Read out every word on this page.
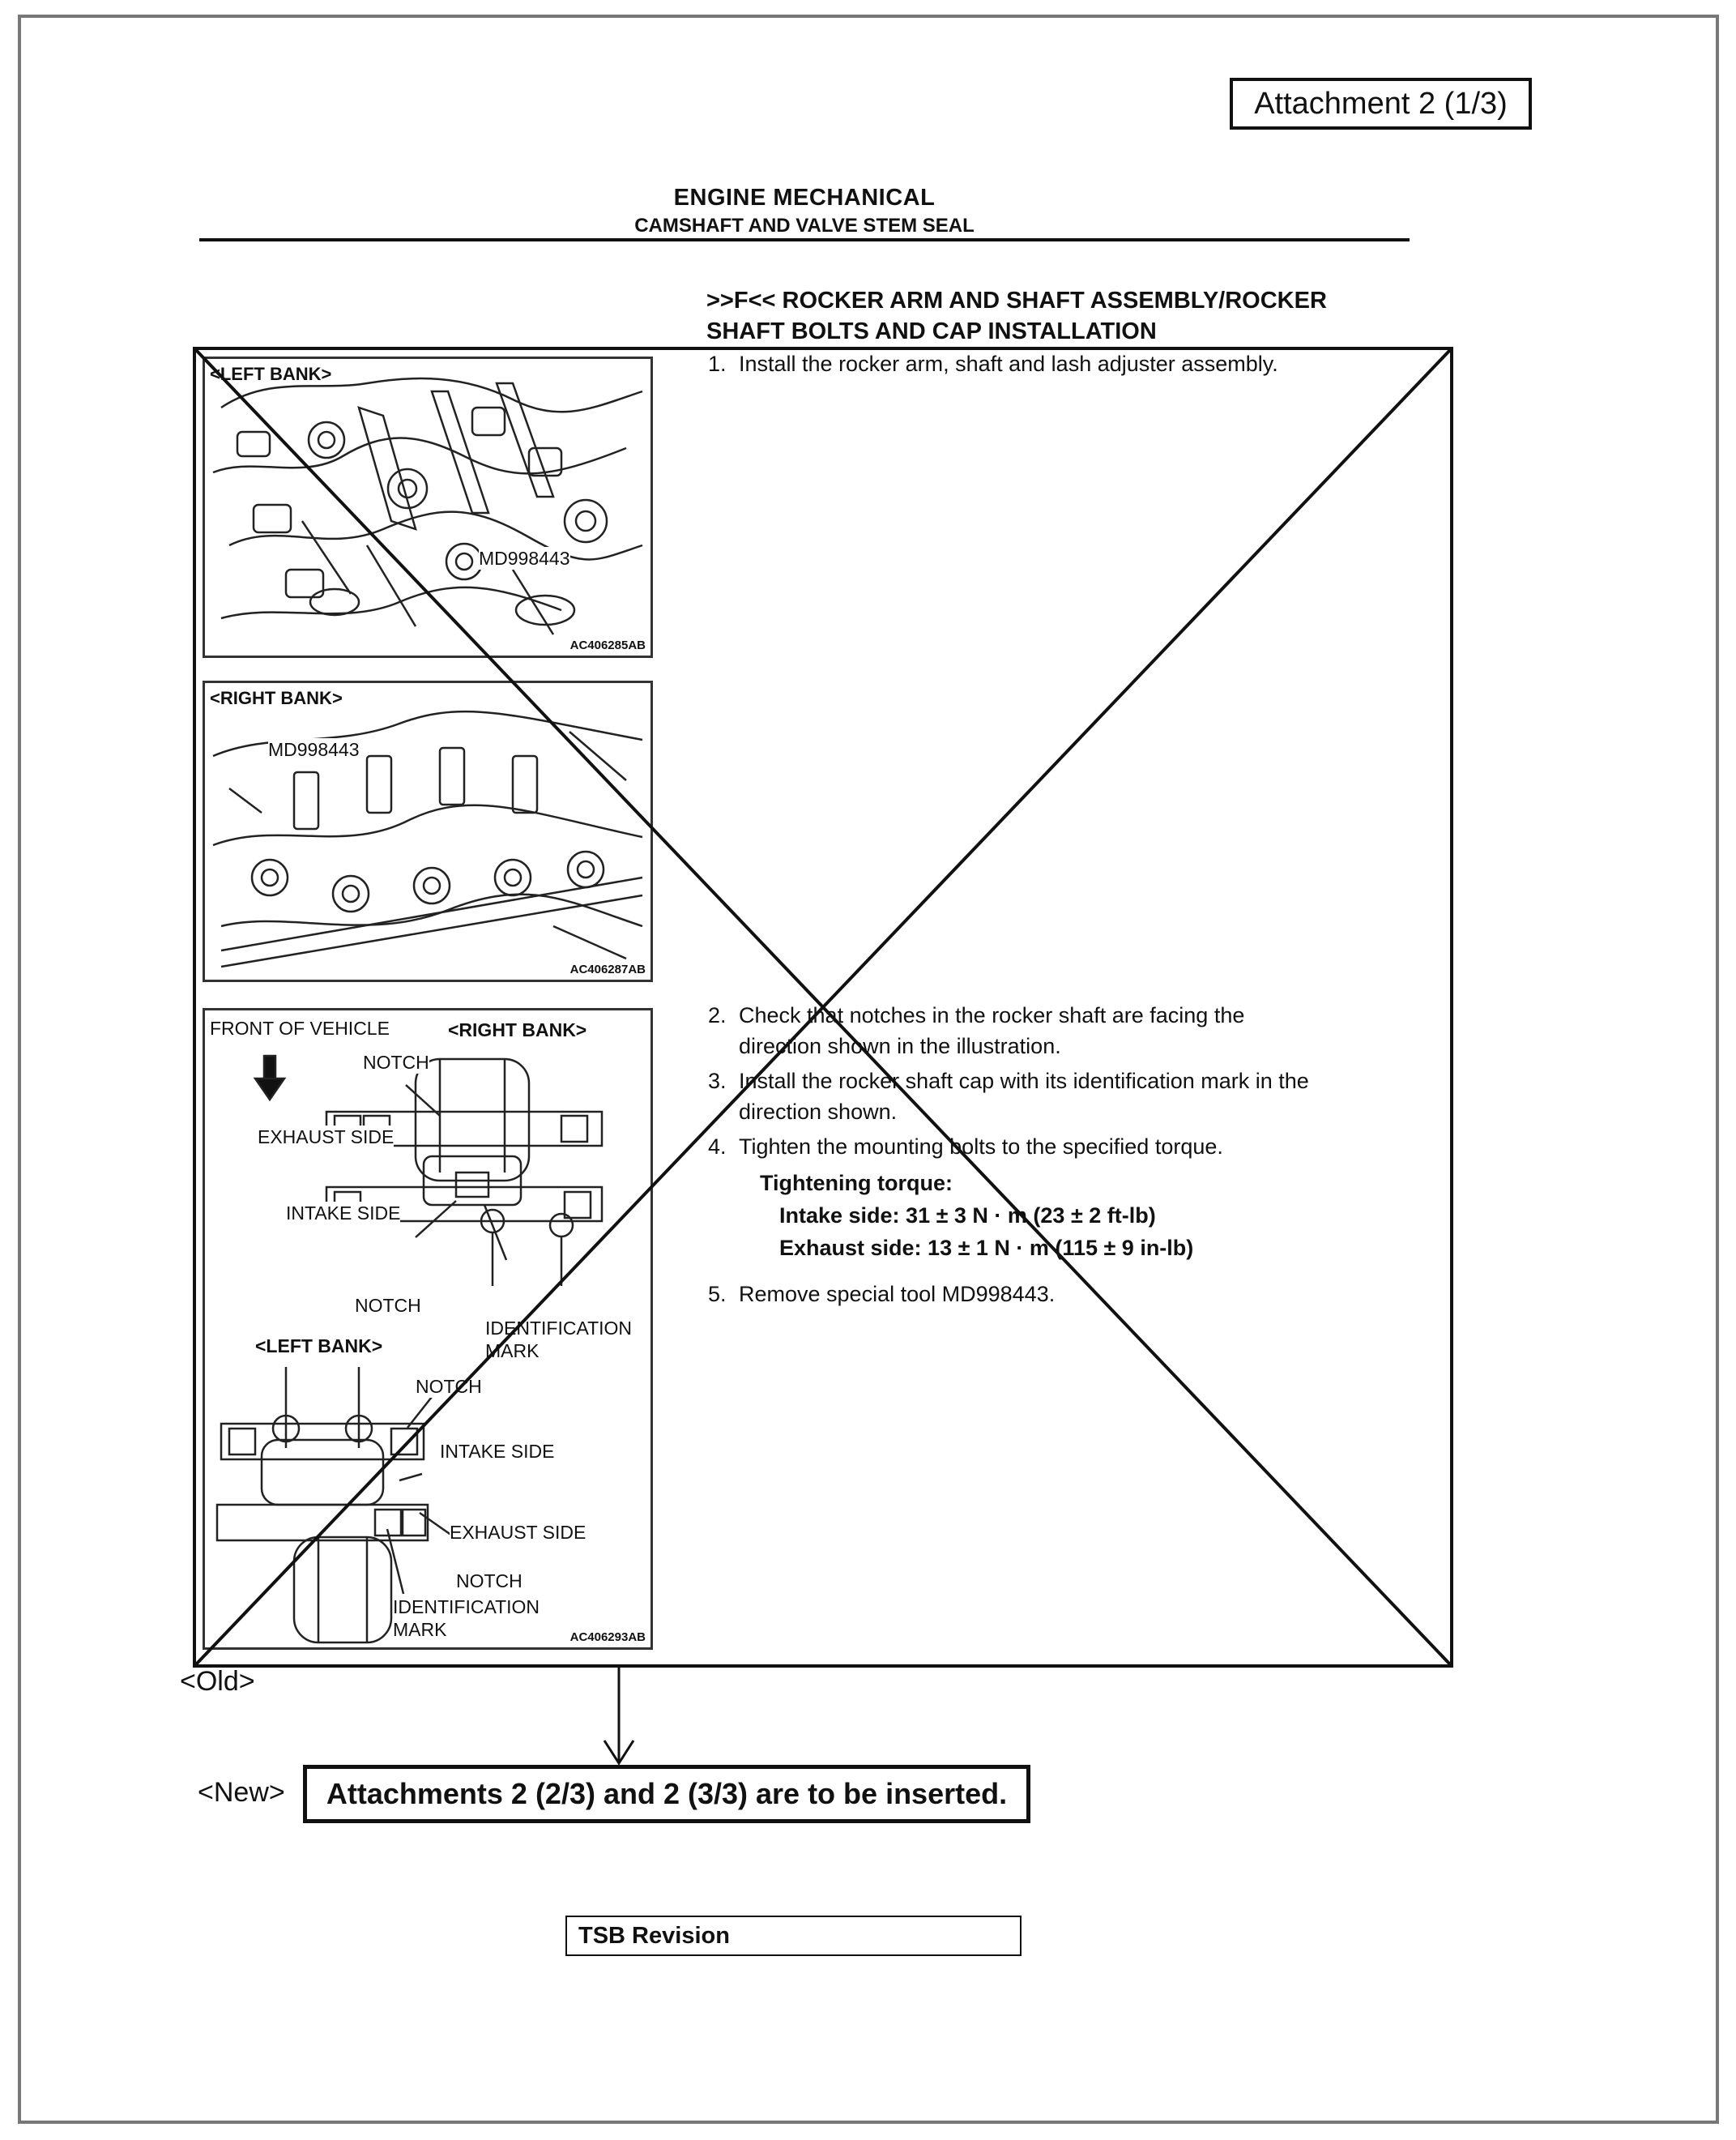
Attachment 2 (1/3)
ENGINE MECHANICAL
CAMSHAFT AND VALVE STEM SEAL
>>F<< ROCKER ARM AND SHAFT ASSEMBLY/ROCKER
SHAFT BOLTS AND CAP INSTALLATION
<LEFT BANK>
MD998443
AC406285AB
<RIGHT BANK>
MD998443
AC406287AB
FRONT OF VEHICLE	<RIGHT BANK>
NOTCH
EXHAUST SIDE
INTAKE SIDE
NOTCH
IDENTIFICATION
MARK
<LEFT BANK>
NOTCH
INTAKE SIDE
EXHAUST SIDE
NOTCH
IDENTIFICATION
MARK	AC406293AB
1. Install the rocker arm, shaft and lash adjuster assembly.
2. Check that notches in the rocker shaft are facing the
direction shown in the illustration.
3. Install the rocker shaft cap with its identification mark in the
direction shown.
4. Tighten the mounting bolts to the specified torque.
Tightening torque:
Intake side: 31 ± 3 N · m (23 ± 2 ft-lb)
Exhaust side: 13 ± 1 N · m (115 ± 9 in-lb)
5. Remove special tool MD998443.
<Old>
<New>	Attachments 2 (2/3) and 2 (3/3) are to be inserted.
TSB Revision
